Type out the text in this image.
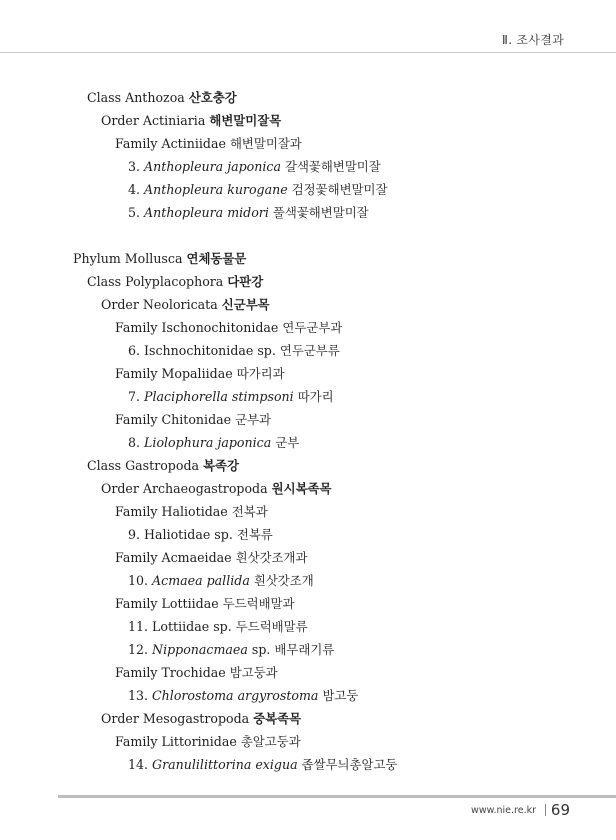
Ⅱ. 조사결과
Class Anthozoa 산호충강
Order Actiniaria 해변말미잘목
Family Actiniidae 해변말미잘과
3. Anthopleura japonica 갈색꽃해변말미잘
4. Anthopleura kurogane 검정꽃해변말미잘
5. Anthopleura midori 풀색꽃해변말미잘
Phylum Mollusca 연체동물문
Class Polyplacophora 다판강
Order Neoloricata 신군부목
Family Ischonochitonidae 연두군부과
6. Ischnochitonidae sp. 연두군부류
Family Mopaliidae 따가리과
7. Placiphorella stimpsoni 따가리
Family Chitonidae 군부과
8. Liolophura japonica 군부
Class Gastropoda 복족강
Order Archaeogastropoda 원시복족목
Family Haliotidae 전복과
9. Haliotidae sp. 전복류
Family Acmaeidae 흰삿갓조개과
10. Acmaea pallida 흰삿갓조개
Family Lottiidae 두드럭배말과
11. Lottiidae sp. 두드럭배말류
12. Nipponacmaea sp. 배무래기류
Family Trochidae 밤고둥과
13. Chlorostoma argyrostoma 밤고둥
Order Mesogastropoda 중복족목
Family Littorinidae 총알고둥과
14. Granulilittorina exigua 좁쌀무늬총알고둥
www.nie.re.kr 69
